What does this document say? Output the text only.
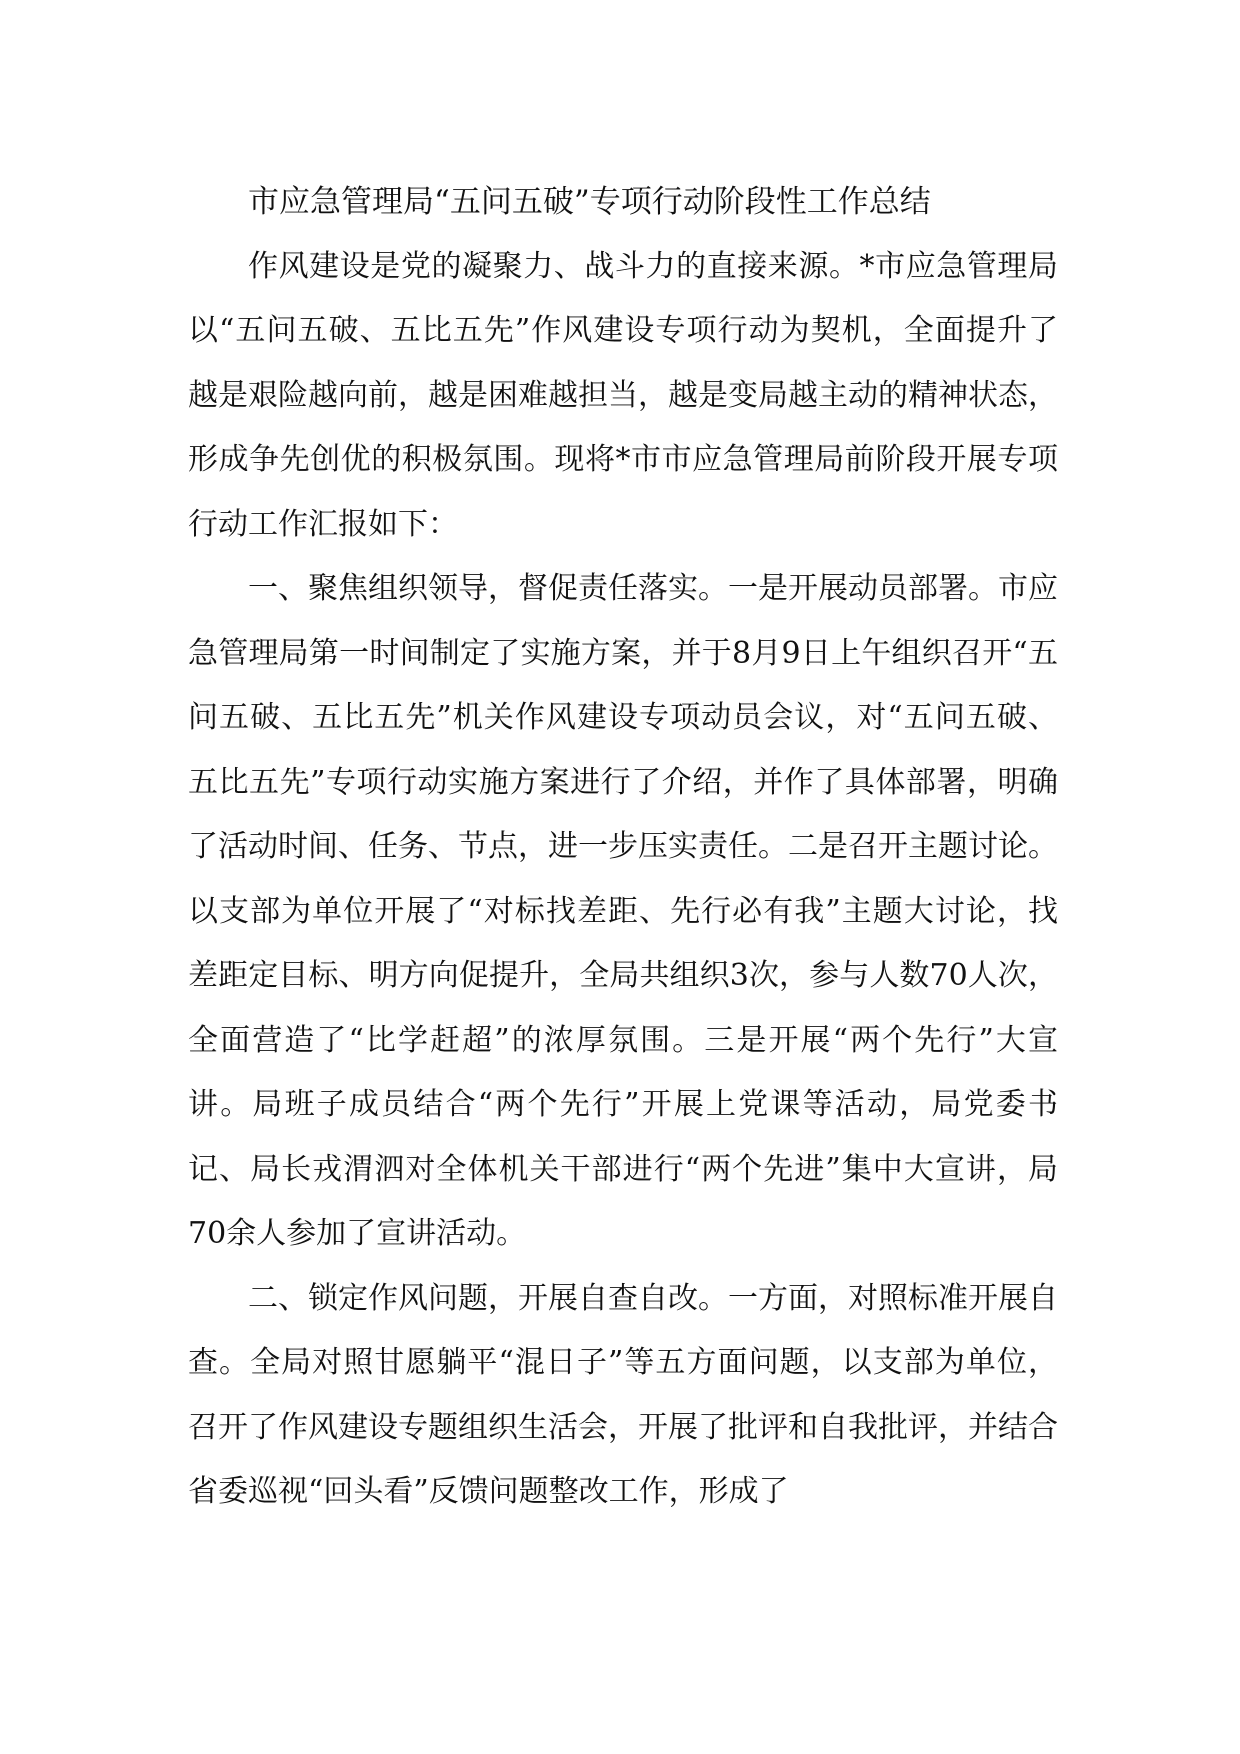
市应急管理局“五问五破”专项行动阶段性工作总结

作风建设是党的凝聚力、战斗力的直接来源。*市应急管理局以“五问五破、五比五先”作风建设专项行动为契机，全面提升了越是艰险越向前，越是困难越担当，越是变局越主动的精神状态，形成争先创优的积极氛围。现将*市市应急管理局前阶段开展专项行动工作汇报如下：

一、聚焦组织领导，督促责任落实。一是开展动员部署。市应急管理局第一时间制定了实施方案，并于8月9日上午组织召开“五问五破、五比五先”机关作风建设专项动员会议，对“五问五破、五比五先”专项行动实施方案进行了介绍，并作了具体部署，明确了活动时间、任务、节点，进一步压实责任。二是召开主题讨论。以支部为单位开展了“对标找差距、先行必有我”主题大讨论，找差距定目标、明方向促提升，全局共组织3次，参与人数70人次，全面营造了“比学赶超”的浓厚氛围。三是开展“两个先行”大宣讲。局班子成员结合“两个先行”开展上党课等活动，局党委书记、局长戎渭泗对全体机关干部进行“两个先进”集中大宣讲，局70余人参加了宣讲活动。

二、锁定作风问题，开展自查自改。一方面，对照标准开展自查。全局对照甘愿躺平“混日子”等五方面问题，以支部为单位，召开了作风建设专题组织生活会，开展了批评和自我批评，并结合省委巡视“回头看”反馈问题整改工作，形成了
